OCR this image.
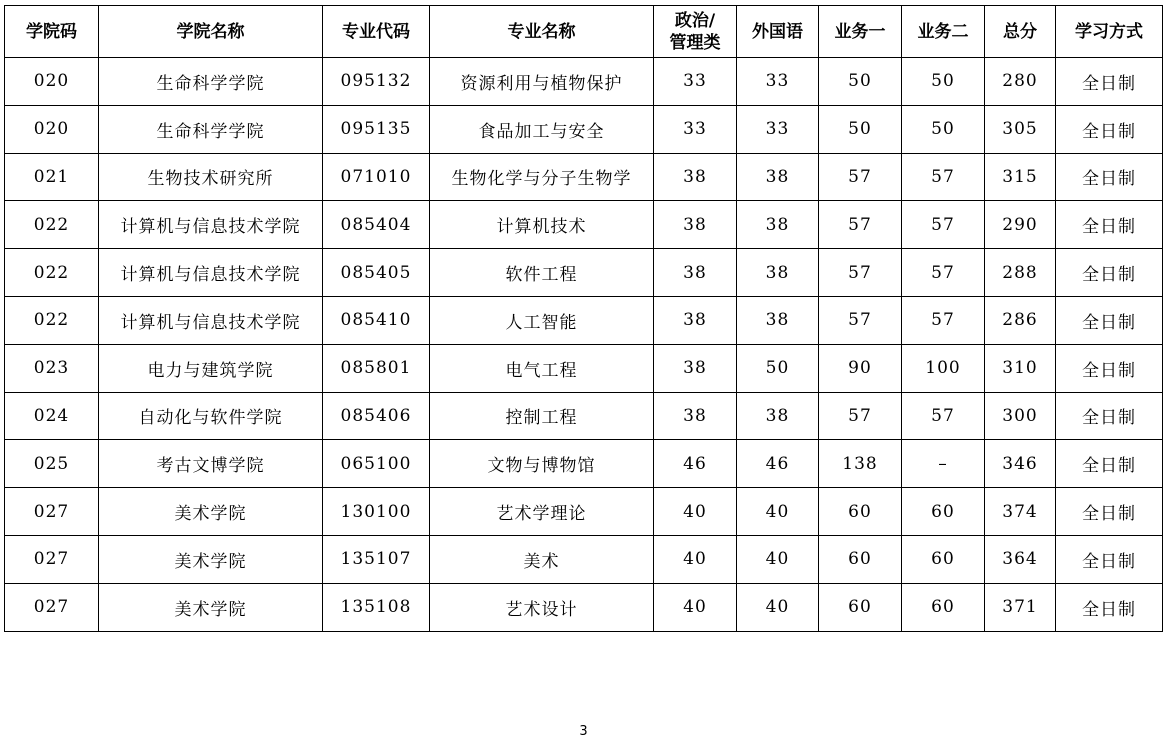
学院码	学院名称	专业代码	专业名称	政治/
管理类	外国语	业务一	业务二	总分	学习方式
020	生命科学学院	095132	资源利用与植物保护	33	33	50	50	280	全日制
020	生命科学学院	095135	食品加工与安全	33	33	50	50	305	全日制
021	生物技术研究所	071010	生物化学与分子生物学	38	38	57	57	315	全日制
022	计算机与信息技术学院	085404	计算机技术	38	38	57	57	290	全日制
022	计算机与信息技术学院	085405	软件工程	38	38	57	57	288	全日制
022	计算机与信息技术学院	085410	人工智能	38	38	57	57	286	全日制
023	电力与建筑学院	085801	电气工程	38	50	90	100	310	全日制
024	自动化与软件学院	085406	控制工程	38	38	57	57	300	全日制
025	考古文博学院	065100	文物与博物馆	46	46	138	–	346	全日制
027	美术学院	130100	艺术学理论	40	40	60	60	374	全日制
027	美术学院	135107	美术	40	40	60	60	364	全日制
027	美术学院	135108	艺术设计	40	40	60	60	371	全日制
3
